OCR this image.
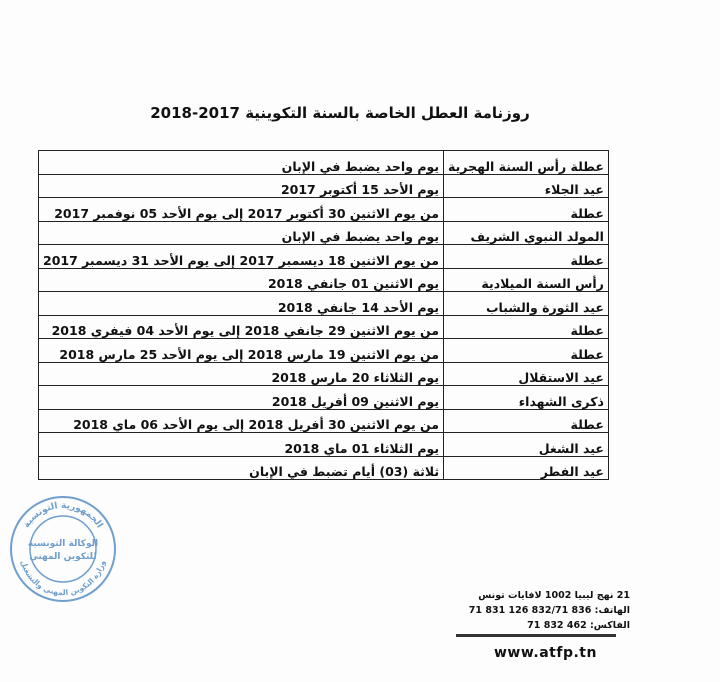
روزنامة العطل الخاصة بالسنة التكوينية 2017-2018
عطلة رأس السنة الهجرية	يوم واحد يضبط في الإبان
عيد الجلاء	يوم الأحد 15 أكتوبر 2017
عطلة	من يوم الاثنين 30 أكتوبر 2017 إلى يوم الأحد 05 نوفمبر 2017
المولد النبوي الشريف	يوم واحد يضبط في الإبان
عطلة	من يوم الاثنين 18 ديسمبر 2017 إلى يوم الأحد 31 ديسمبر 2017
رأس السنة الميلادية	يوم الاثنين 01 جانفي 2018
عيد الثورة والشباب	يوم الأحد 14 جانفي 2018
عطلة	من يوم الاثنين 29 جانفي 2018 إلى يوم الأحد 04 فيفري 2018
عطلة	من يوم الاثنين 19 مارس 2018 إلى يوم الأحد 25 مارس 2018
عيد الاستقلال	يوم الثلاثاء 20 مارس 2018
ذكرى الشهداء	يوم الاثنين 09 أفريل 2018
عطلة	من يوم الاثنين 30 أفريل 2018 إلى يوم الأحد 06 ماي 2018
عيد الشغل	يوم الثلاثاء 01 ماي 2018
عيد الفطر	ثلاثة (03) أيام تضبط في الإبان
الجمهورية التونسية
وزارة التكوين المهني والتشغيل
الوكالة التونسية
للتكوين المهني
21 نهج ليبيا 1002 لافايات تونس
الهاتف: 836 832/71 126 831 71
الفاكس: 462 832 71
www.atfp.tn
